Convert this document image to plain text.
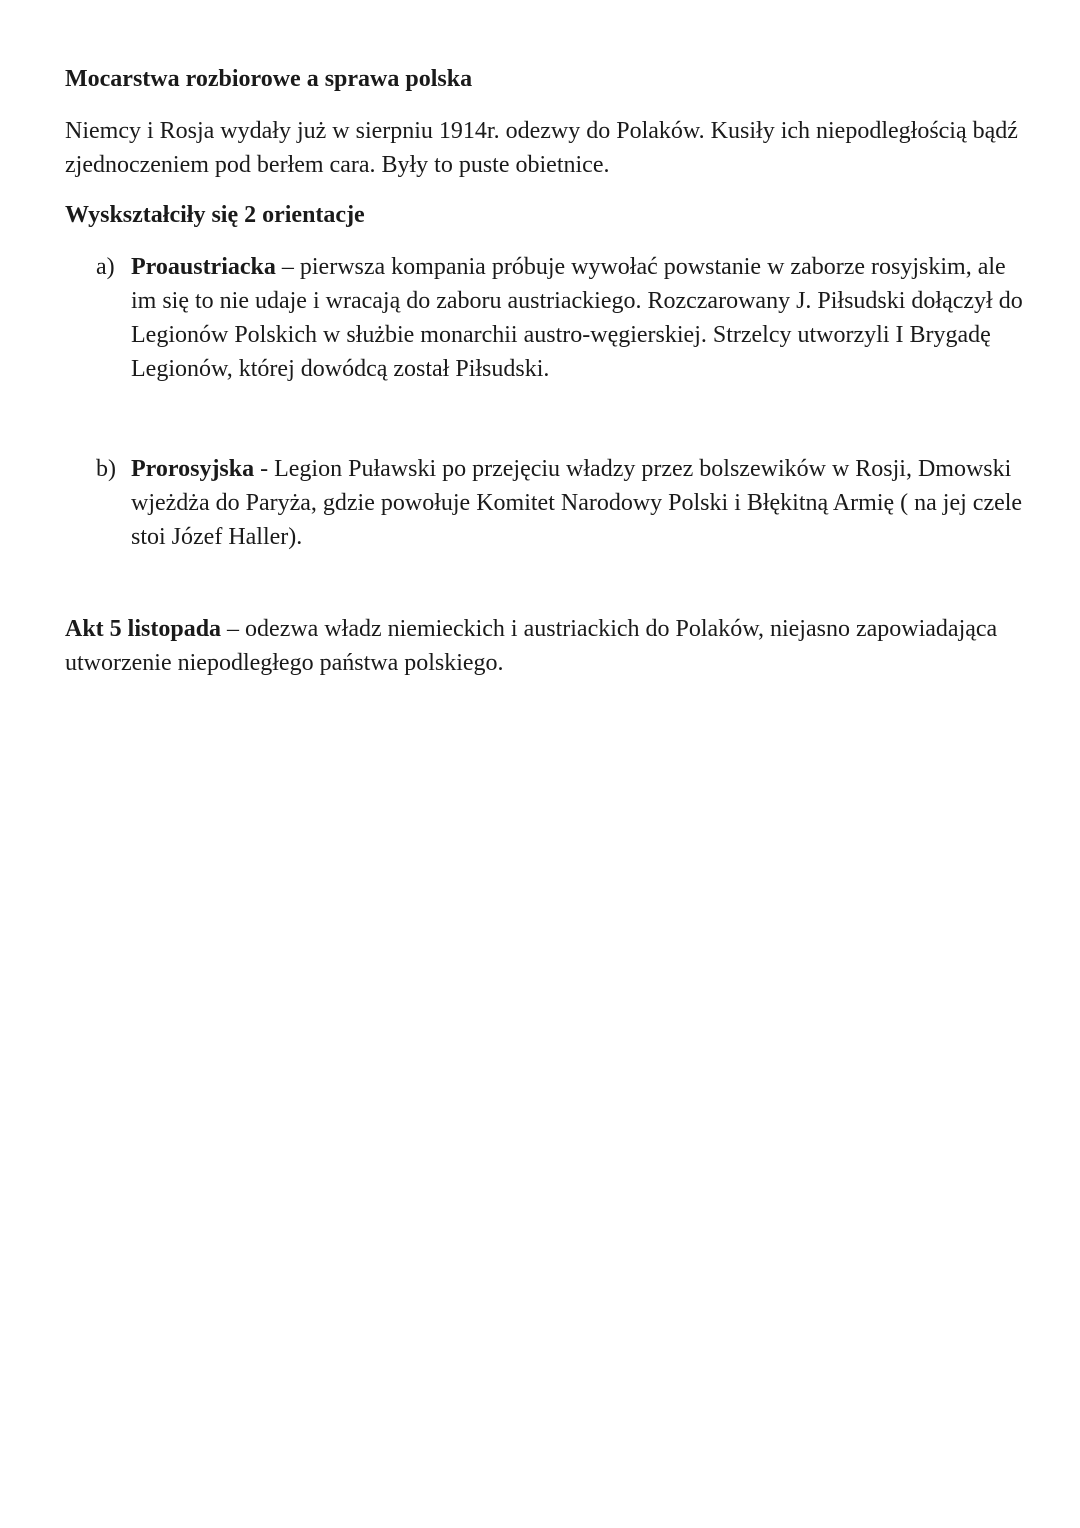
Mocarstwa rozbiorowe a sprawa polska

Niemcy i Rosja wydały już w sierpniu 1914r. odezwy do Polaków. Kusiły ich niepodległością bądź zjednoczeniem pod berłem cara. Były to puste obietnice.

Wyskształciły się 2 orientacje

a) Proaustriacka – pierwsza kompania próbuje wywołać powstanie w zaborze rosyjskim, ale im się to nie udaje i wracają do zaboru austriackiego. Rozczarowany J. Piłsudski dołączył do Legionów Polskich w służbie monarchii austro-węgierskiej. Strzelcy utworzyli I Brygadę Legionów, której dowódcą został Piłsudski.
b) Prorosyjska - Legion Puławski po przejęciu władzy przez bolszewików w Rosji, Dmowski wjeżdża do Paryża, gdzie powołuje Komitet Narodowy Polski i Błękitną Armię ( na jej czele stoi Józef Haller).

Akt 5 listopada – odezwa władz niemieckich i austriackich do Polaków, niejasno zapowiadająca utworzenie niepodległego państwa polskiego.
